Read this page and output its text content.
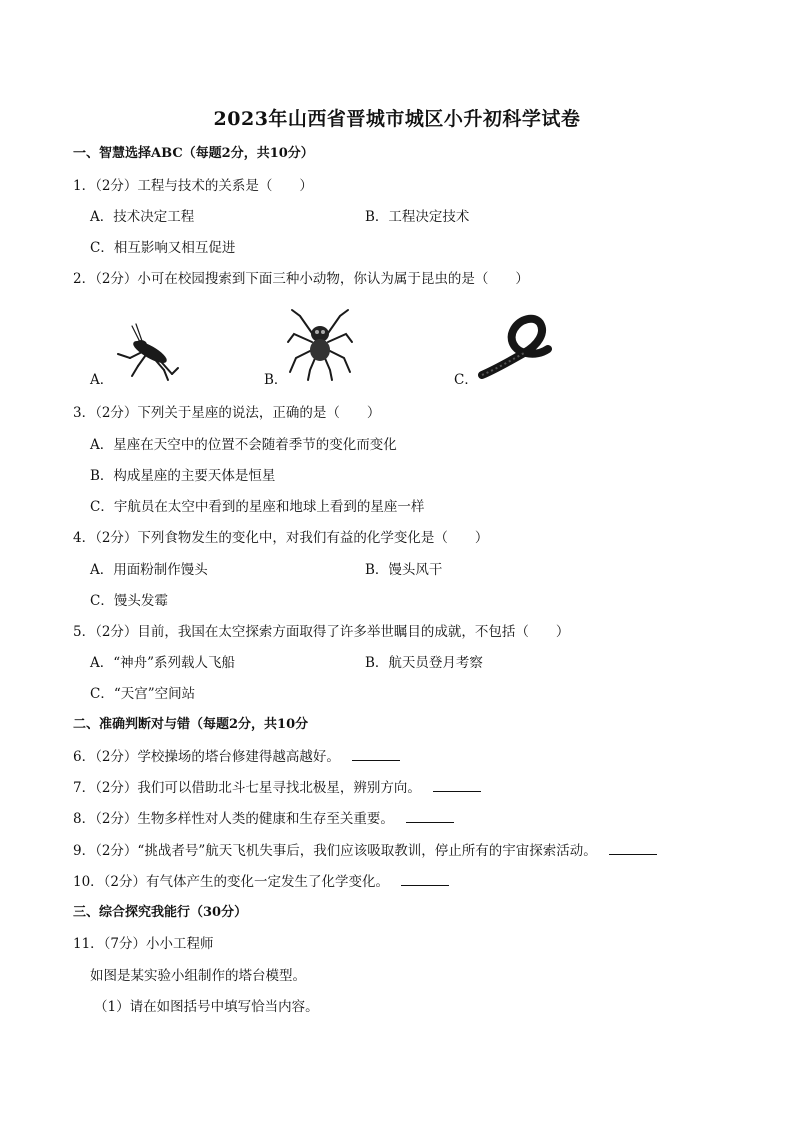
2023年山西省晋城市城区小升初科学试卷
一、智慧选择ABC（每题2分，共10分）
1．（2分）工程与技术的关系是（　　）
A．技术决定工程	B．工程决定技术
C．相互影响又相互促进
2．（2分）小可在校园搜索到下面三种小动物，你认为属于昆虫的是（　　）
A．	B．	C．
3．（2分）下列关于星座的说法，正确的是（　　）
A．星座在天空中的位置不会随着季节的变化而变化
B．构成星座的主要天体是恒星
C．宇航员在太空中看到的星座和地球上看到的星座一样
4．（2分）下列食物发生的变化中，对我们有益的化学变化是（　　）
A．用面粉制作馒头	B．馒头风干
C．馒头发霉
5．（2分）目前，我国在太空探索方面取得了许多举世瞩目的成就，不包括（　　）
A．“神舟”系列载人飞船	B．航天员登月考察
C．“天宫”空间站
二、准确判断对与错（每题2分，共10分
6．（2分）学校操场的塔台修建得越高越好。
7．（2分）我们可以借助北斗七星寻找北极星，辨别方向。
8．（2分）生物多样性对人类的健康和生存至关重要。
9．（2分）“挑战者号”航天飞机失事后，我们应该吸取教训，停止所有的宇宙探索活动。
10．（2分）有气体产生的变化一定发生了化学变化。
三、综合探究我能行（30分）
11．（7分）小小工程师
如图是某实验小组制作的塔台模型。
（1）请在如图括号中填写恰当内容。
